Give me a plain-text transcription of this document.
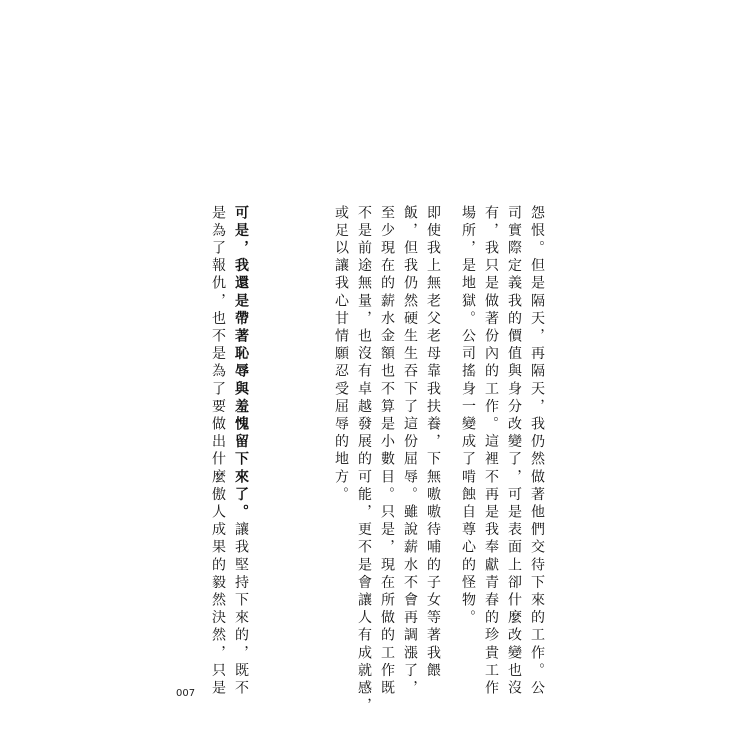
怨恨。但是隔天，再隔天，我仍然做著他們交待下來的工作。公
司實際定義我的價值與身分改變了，可是表面上卻什麼改變也沒
有，我只是做著份內的工作。這裡不再是我奉獻青春的珍貴工作
場所，是地獄。公司搖身一變成了啃蝕自尊心的怪物。
即使我上無老父老母靠我扶養，下無嗷嗷待哺的子女等著我餵
飯，但我仍然硬生生吞下了這份屈辱。雖說薪水不會再調漲了，
至少現在的薪水金額也不算是小數目。只是，現在所做的工作既
不是前途無量，也沒有卓越發展的可能，更不是會讓人有成就感，
或足以讓我心甘情願忍受屈辱的地方。
可是，我還是帶著恥辱與羞愧留下來了。讓我堅持下來的，既不
是為了報仇，也不是為了要做出什麼傲人成果的毅然決然，只是
007
